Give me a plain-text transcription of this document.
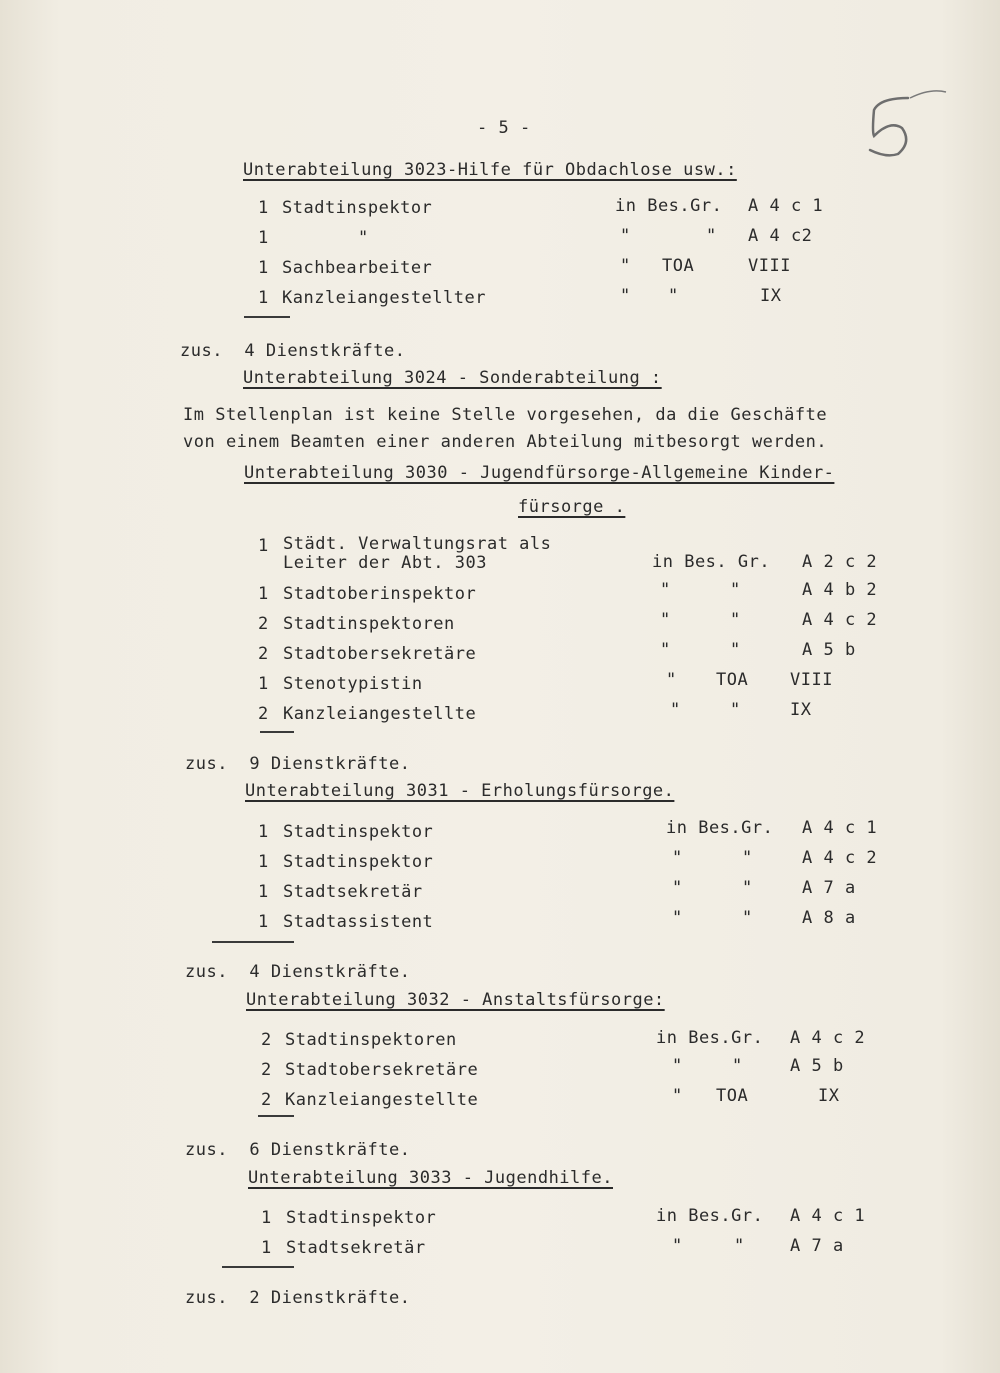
- 5 -
Unterabteilung 3023-Hilfe für Obdachlose usw.:
1 Stadtinspektor	in Bes.Gr. A 4 c 1
1	"	"	" A 4 c2
1 Sachbearbeiter	" TOA	VIII
1 Kanzleiangestellter	" "	IX
zus.  4 Dienstkräfte.
Unterabteilung 3024 - Sonderabteilung :
Im Stellenplan ist keine Stelle vorgesehen, da die Geschäfte
von einem Beamten einer anderen Abteilung mitbesorgt werden.
Unterabteilung 3030 - Jugendfürsorge-Allgemeine Kinder-
fürsorge .
1 Städt. Verwaltungsrat als
Leiter der Abt. 303	in Bes. Gr. A 2 c 2
1 Stadtoberinspektor	"	"	A 4 b 2
2 Stadtinspektoren	"	"	A 4 c 2
2 Stadtobersekretäre	"	"	A 5 b
1 Stenotypistin	" TOA VIII
2 Kanzleiangestellte	"	"	IX
zus.  9 Dienstkräfte.
Unterabteilung 3031 - Erholungsfürsorge.
1 Stadtinspektor	in Bes.Gr. A 4 c 1
1 Stadtinspektor	"	"	A 4 c 2
1 Stadtsekretär	"	"	A 7 a
1 Stadtassistent	"	"	A 8 a
zus.  4 Dienstkräfte.
Unterabteilung 3032 - Anstaltsfürsorge:
2 Stadtinspektoren	in Bes.Gr. A 4 c 2
2 Stadtobersekretäre	"	"	A 5 b
2 Kanzleiangestellte	" TOA	IX
zus.  6 Dienstkräfte.
Unterabteilung 3033 - Jugendhilfe.
1 Stadtinspektor	in Bes.Gr. A 4 c 1
1 Stadtsekretär	"	"	A 7 a
zus.  2 Dienstkräfte.
